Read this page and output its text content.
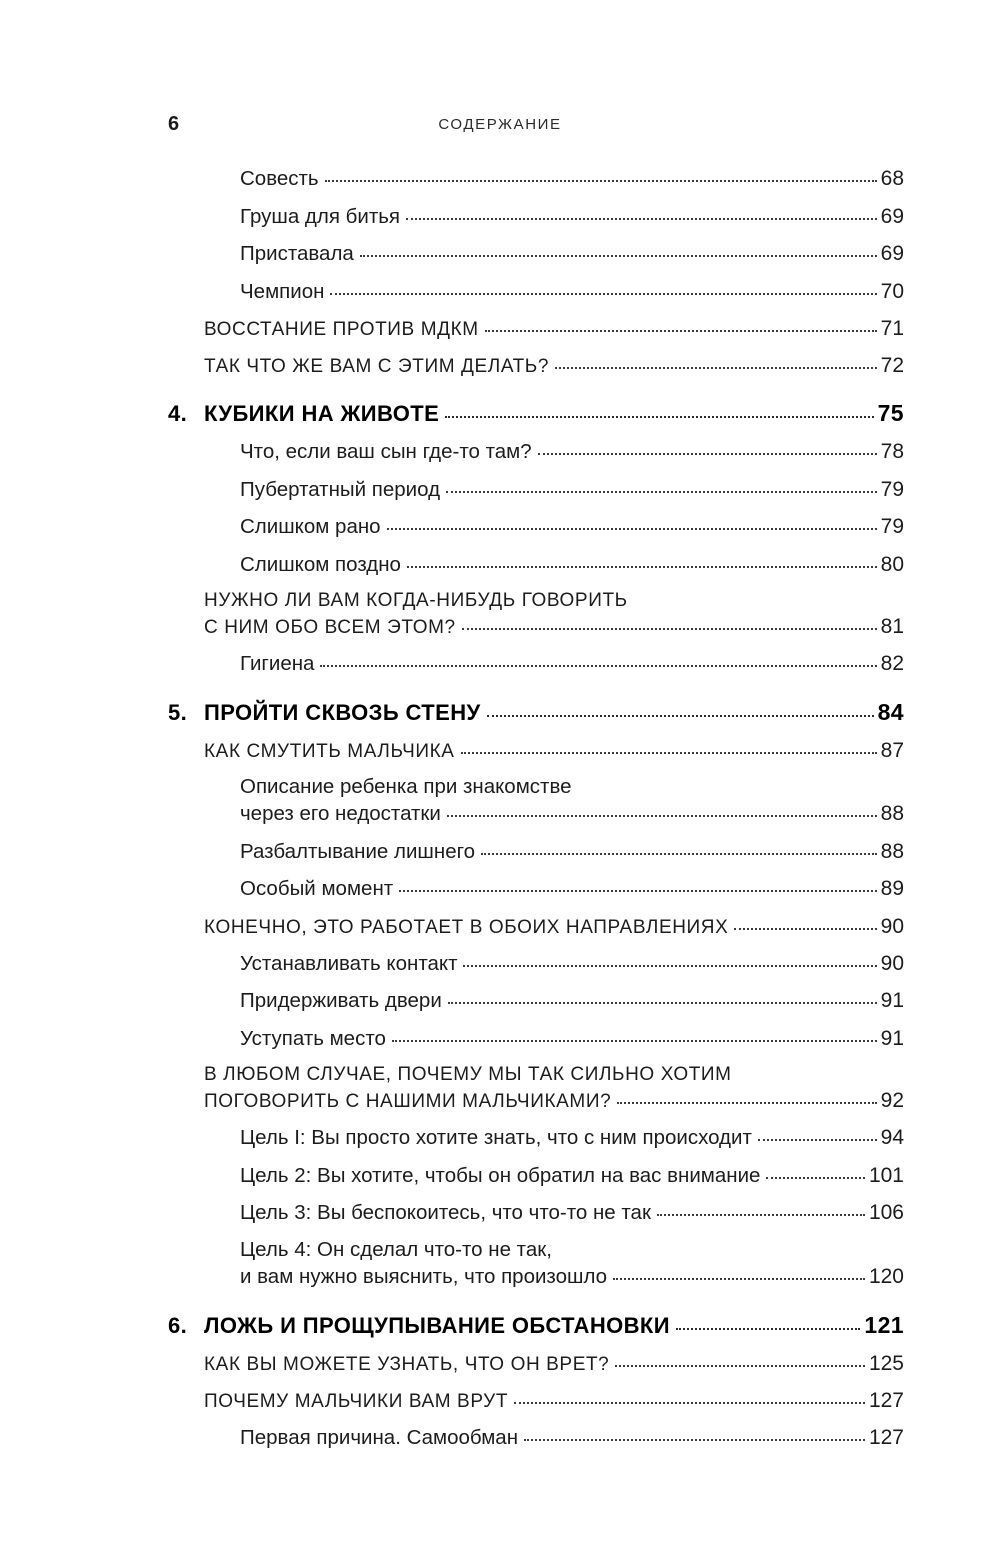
6	СОДЕРЖАНИЕ
Совесть	68
Груша для битья	69
Приставала	69
Чемпион	70
ВОССТАНИЕ ПРОТИВ МДКМ	71
ТАК ЧТО ЖЕ ВАМ С ЭТИМ ДЕЛАТЬ?	72
4. КУБИКИ НА ЖИВОТЕ	75
Что, если ваш сын где-то там?	78
Пубертатный период	79
Слишком рано	79
Слишком поздно	80
НУЖНО ЛИ ВАМ КОГДА-НИБУДЬ ГОВОРИТЬ
С НИМ ОБО ВСЕМ ЭТОМ?	81
Гигиена	82
5. ПРОЙТИ СКВОЗЬ СТЕНУ	84
КАК СМУТИТЬ МАЛЬЧИКА	87
Описание ребенка при знакомстве
через его недостатки	88
Разбалтывание лишнего	88
Особый момент	89
КОНЕЧНО, ЭТО РАБОТАЕТ В ОБОИХ НАПРАВЛЕНИЯХ	90
Устанавливать контакт	90
Придерживать двери	91
Уступать место	91
В ЛЮБОМ СЛУЧАЕ, ПОЧЕМУ МЫ ТАК СИЛЬНО ХОТИМ
ПОГОВОРИТЬ С НАШИМИ МАЛЬЧИКАМИ?	92
Цель I: Вы просто хотите знать, что с ним происходит	94
Цель 2: Вы хотите, чтобы он обратил на вас внимание	101
Цель 3: Вы беспокоитесь, что что-то не так	106
Цель 4: Он сделал что-то не так,
и вам нужно выяснить, что произошло	120
6. ЛОЖЬ И ПРОЩУПЫВАНИЕ ОБСТАНОВКИ	121
КАК ВЫ МОЖЕТЕ УЗНАТЬ, ЧТО ОН ВРЕТ?	125
ПОЧЕМУ МАЛЬЧИКИ ВАМ ВРУТ	127
Первая причина. Самообман	127
